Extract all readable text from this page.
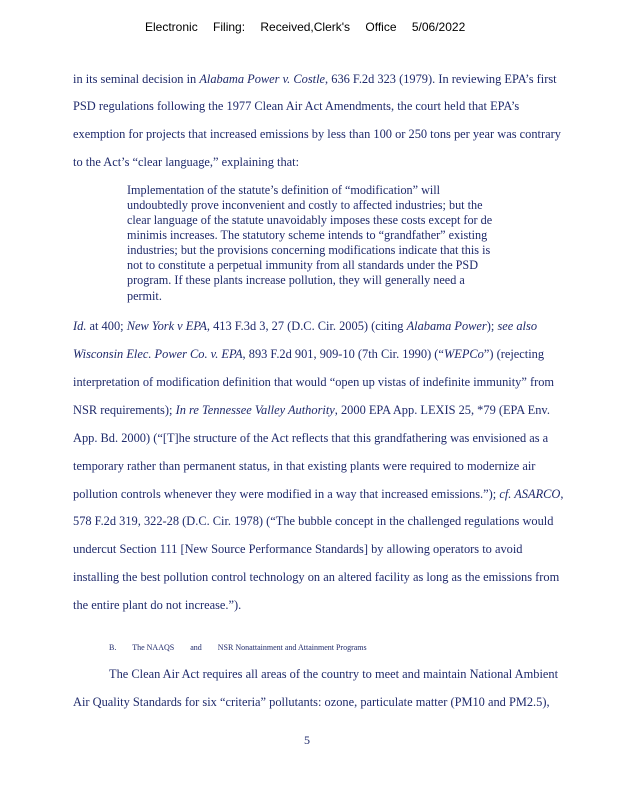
Electronic Filing: Received,Clerk's Office 5/06/2022
in its seminal decision in Alabama Power v. Costle, 636 F.2d 323 (1979). In reviewing EPA’s first
PSD regulations following the 1977 Clean Air Act Amendments, the court held that EPA’s
exemption for projects that increased emissions by less than 100 or 250 tons per year was contrary
to the Act’s “clear language,” explaining that:
Implementation of the statute’s definition of “modification” will
undoubtedly prove inconvenient and costly to affected industries; but the
clear language of the statute unavoidably imposes these costs except for de
minimis increases. The statutory scheme intends to “grandfather” existing
industries; but the provisions concerning modifications indicate that this is
not to constitute a perpetual immunity from all standards under the PSD
program. If these plants increase pollution, they will generally need a
permit.
Id. at 400; New York v EPA, 413 F.3d 3, 27 (D.C. Cir. 2005) (citing Alabama Power); see also
Wisconsin Elec. Power Co. v. EPA, 893 F.2d 901, 909-10 (7th Cir. 1990) (“WEPCo”) (rejecting
interpretation of modification definition that would “open up vistas of indefinite immunity” from
NSR requirements); In re Tennessee Valley Authority, 2000 EPA App. LEXIS 25, *79 (EPA Env.
App. Bd. 2000) (“[T]he structure of the Act reflects that this grandfathering was envisioned as a
temporary rather than permanent status, in that existing plants were required to modernize air
pollution controls whenever they were modified in a way that increased emissions.”); cf. ASARCO,
578 F.2d 319, 322-28 (D.C. Cir. 1978) (“The bubble concept in the challenged regulations would
undercut Section 111 [New Source Performance Standards] by allowing operators to avoid
installing the best pollution control technology on an altered facility as long as the emissions from
the entire plant do not increase.”).
B. The NAAQS and NSR Nonattainment and Attainment Programs
The Clean Air Act requires all areas of the country to meet and maintain National Ambient
Air Quality Standards for six “criteria” pollutants: ozone, particulate matter (PM10 and PM2.5),
5
